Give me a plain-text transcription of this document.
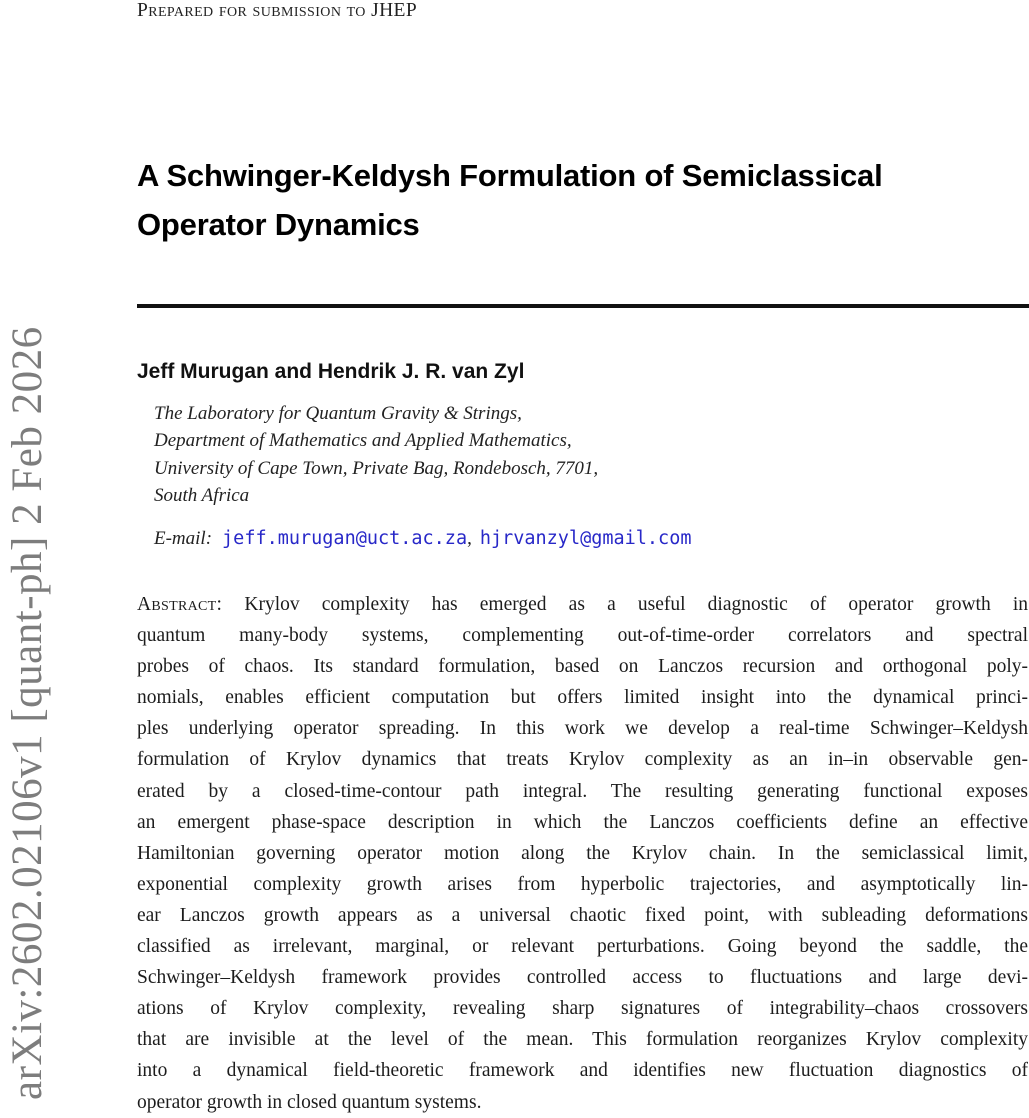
arXiv:2602.02106v1 [quant-ph] 2 Feb 2026
Prepared for submission to JHEP
A Schwinger-Keldysh Formulation of Semiclassical
Operator Dynamics
Jeff Murugan and Hendrik J. R. van Zyl
The Laboratory for Quantum Gravity & Strings,
Department of Mathematics and Applied Mathematics,
University of Cape Town, Private Bag, Rondebosch, 7701,
South Africa
E-mail: jeff.murugan@uct.ac.za, hjrvanzyl@gmail.com
Abstract: Krylov complexity has emerged as a useful diagnostic of operator growth in
quantum many-body systems, complementing out-of-time-order correlators and spectral
probes of chaos. Its standard formulation, based on Lanczos recursion and orthogonal poly-
nomials, enables efficient computation but offers limited insight into the dynamical princi-
ples underlying operator spreading. In this work we develop a real-time Schwinger–Keldysh
formulation of Krylov dynamics that treats Krylov complexity as an in–in observable gen-
erated by a closed-time-contour path integral. The resulting generating functional exposes
an emergent phase-space description in which the Lanczos coefficients define an effective
Hamiltonian governing operator motion along the Krylov chain. In the semiclassical limit,
exponential complexity growth arises from hyperbolic trajectories, and asymptotically lin-
ear Lanczos growth appears as a universal chaotic fixed point, with subleading deformations
classified as irrelevant, marginal, or relevant perturbations. Going beyond the saddle, the
Schwinger–Keldysh framework provides controlled access to fluctuations and large devi-
ations of Krylov complexity, revealing sharp signatures of integrability–chaos crossovers
that are invisible at the level of the mean. This formulation reorganizes Krylov complexity
into a dynamical field-theoretic framework and identifies new fluctuation diagnostics of
operator growth in closed quantum systems.
